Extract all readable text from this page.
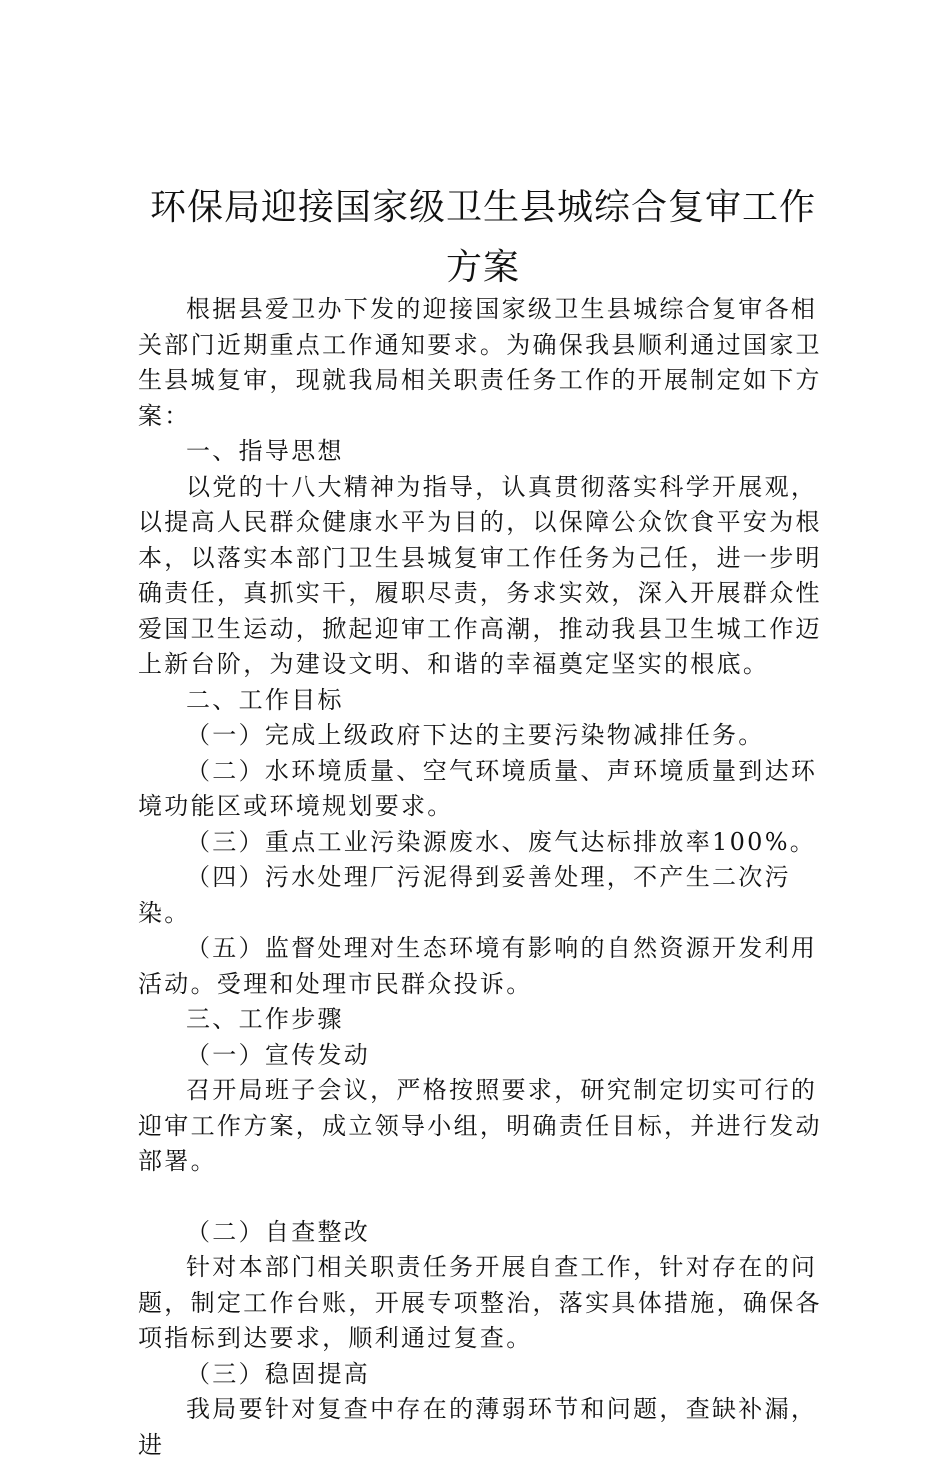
环保局迎接国家级卫生县城综合复审工作方案

根据县爱卫办下发的迎接国家级卫生县城综合复审各相关部门近期重点工作通知要求。为确保我县顺利通过国家卫生县城复审，现就我局相关职责任务工作的开展制定如下方案：

一、指导思想

以党的十八大精神为指导，认真贯彻落实科学开展观，以提高人民群众健康水平为目的，以保障公众饮食平安为根本，以落实本部门卫生县城复审工作任务为己任，进一步明确责任，真抓实干，履职尽责，务求实效，深入开展群众性爱国卫生运动，掀起迎审工作高潮，推动我县卫生城工作迈上新台阶，为建设文明、和谐的幸福奠定坚实的根底。

二、工作目标

（一）完成上级政府下达的主要污染物减排任务。

（二）水环境质量、空气环境质量、声环境质量到达环境功能区或环境规划要求。

（三）重点工业污染源废水、废气达标排放率100%。

（四）污水处理厂污泥得到妥善处理，不产生二次污染。

（五）监督处理对生态环境有影响的自然资源开发利用活动。受理和处理市民群众投诉。

三、工作步骤

（一）宣传发动

召开局班子会议，严格按照要求，研究制定切实可行的迎审工作方案，成立领导小组，明确责任目标，并进行发动部署。

（二）自查整改

针对本部门相关职责任务开展自查工作，针对存在的问题，制定工作台账，开展专项整治，落实具体措施，确保各项指标到达要求，顺利通过复查。

（三）稳固提高

我局要针对复查中存在的薄弱环节和问题，查缺补漏，进
